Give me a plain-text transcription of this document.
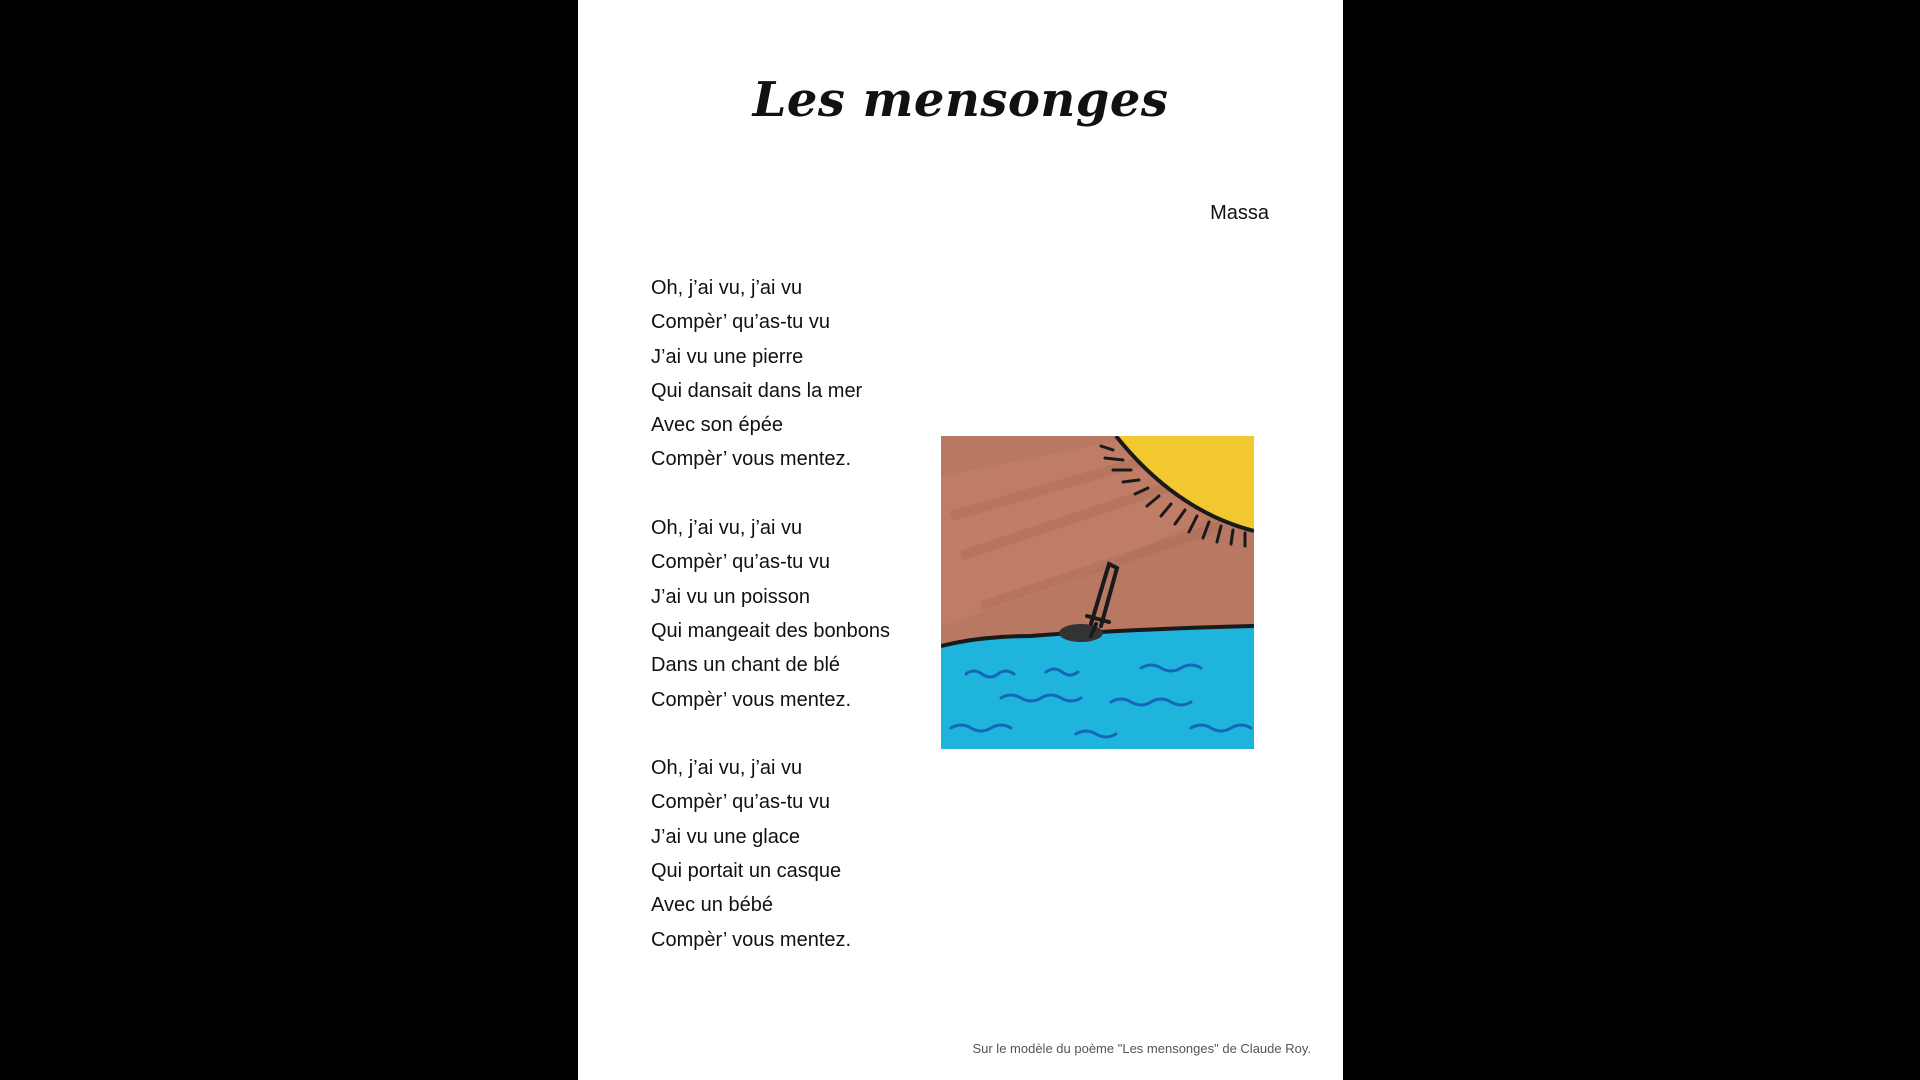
Les mensonges
Massa
Oh, j’ai vu, j’ai vu
Compèr’ qu’as-tu vu
J’ai vu une pierre
Qui dansait dans la mer
Avec son épée
Compèr’ vous mentez.
Oh, j’ai vu, j’ai vu
Compèr’ qu’as-tu vu
J’ai vu un poisson
Qui mangeait des bonbons
Dans un chant de blé
Compèr’ vous mentez.
Oh, j’ai vu, j’ai vu
Compèr’ qu’as-tu vu
J’ai vu une glace
Qui portait un casque
Avec un bébé
Compèr’ vous mentez.
Sur le modèle du poème "Les mensonges" de Claude Roy.
